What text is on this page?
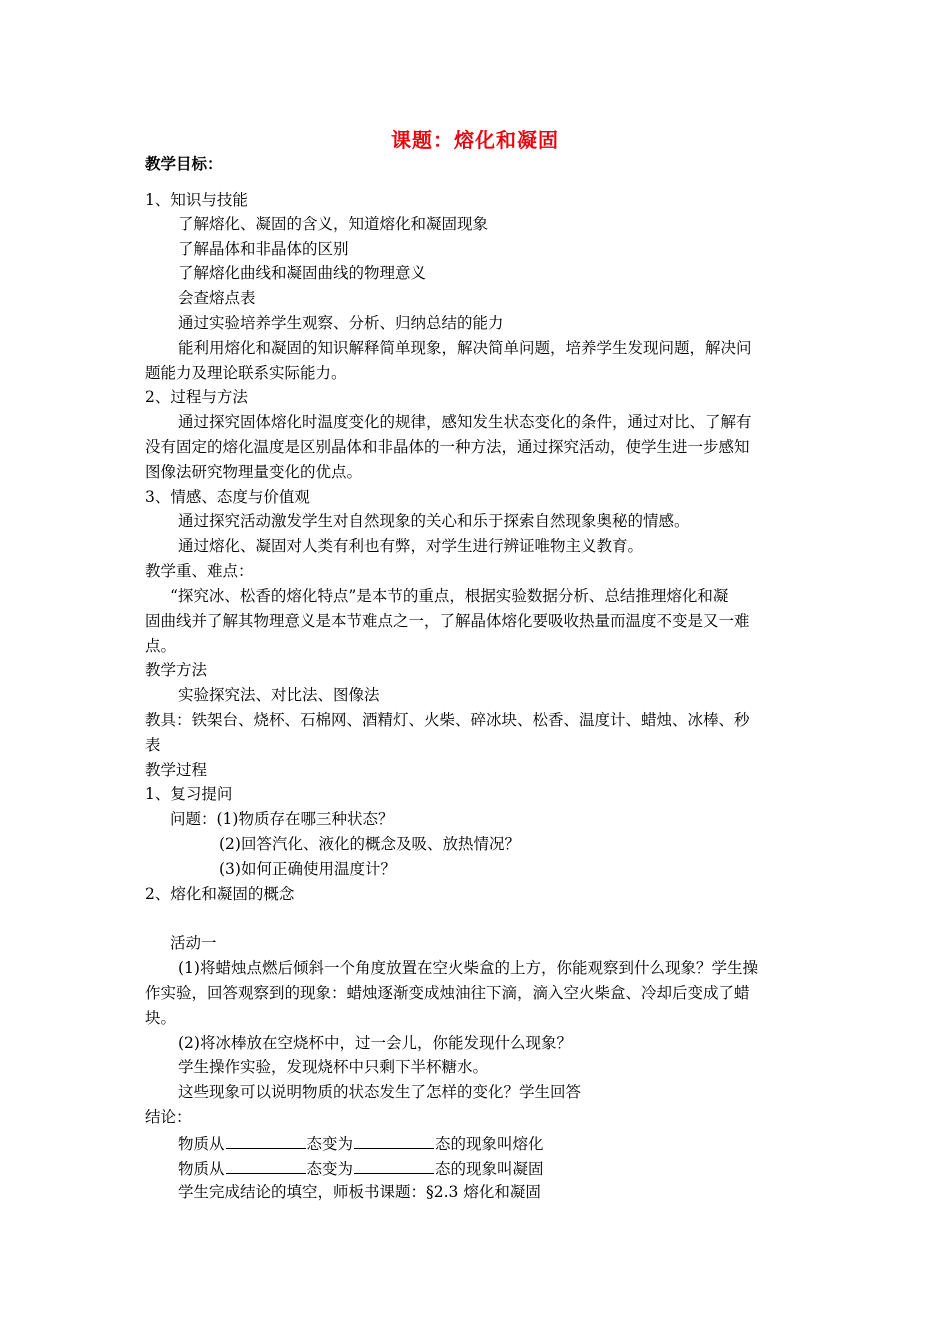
课题：熔化和凝固
教学目标：
1、知识与技能
了解熔化、凝固的含义，知道熔化和凝固现象
了解晶体和非晶体的区别
了解熔化曲线和凝固曲线的物理意义
会查熔点表
通过实验培养学生观察、分析、归纳总结的能力
能利用熔化和凝固的知识解释简单现象，解决简单问题，培养学生发现问题，解决问
题能力及理论联系实际能力。
2、过程与方法
通过探究固体熔化时温度变化的规律，感知发生状态变化的条件，通过对比、了解有
没有固定的熔化温度是区别晶体和非晶体的一种方法，通过探究活动，使学生进一步感知
图像法研究物理量变化的优点。
3、情感、态度与价值观
通过探究活动激发学生对自然现象的关心和乐于探索自然现象奥秘的情感。
通过熔化、凝固对人类有利也有弊，对学生进行辨证唯物主义教育。
教学重、难点：
“探究冰、松香的熔化特点”是本节的重点，根据实验数据分析、总结推理熔化和凝
固曲线并了解其物理意义是本节难点之一，了解晶体熔化要吸收热量而温度不变是又一难
点。
教学方法
实验探究法、对比法、图像法
教具：铁架台、烧杯、石棉网、酒精灯、火柴、碎冰块、松香、温度计、蜡烛、冰棒、秒
表
教学过程
1、复习提问
问题：(1)物质存在哪三种状态？
(2)回答汽化、液化的概念及吸、放热情况？
(3)如何正确使用温度计？
2、熔化和凝固的概念
活动一
(1)将蜡烛点燃后倾斜一个角度放置在空火柴盒的上方，你能观察到什么现象？学生操
作实验，回答观察到的现象：蜡烛逐渐变成烛油往下滴，滴入空火柴盒、冷却后变成了蜡
块。
(2)将冰棒放在空烧杯中，过一会儿，你能发现什么现象？
学生操作实验，发现烧杯中只剩下半杯糖水。
这些现象可以说明物质的状态发生了怎样的变化？学生回答
结论：
物质从	态变为	态的现象叫熔化
物质从	态变为	态的现象叫凝固
学生完成结论的填空，师板书课题：§2.3 熔化和凝固
